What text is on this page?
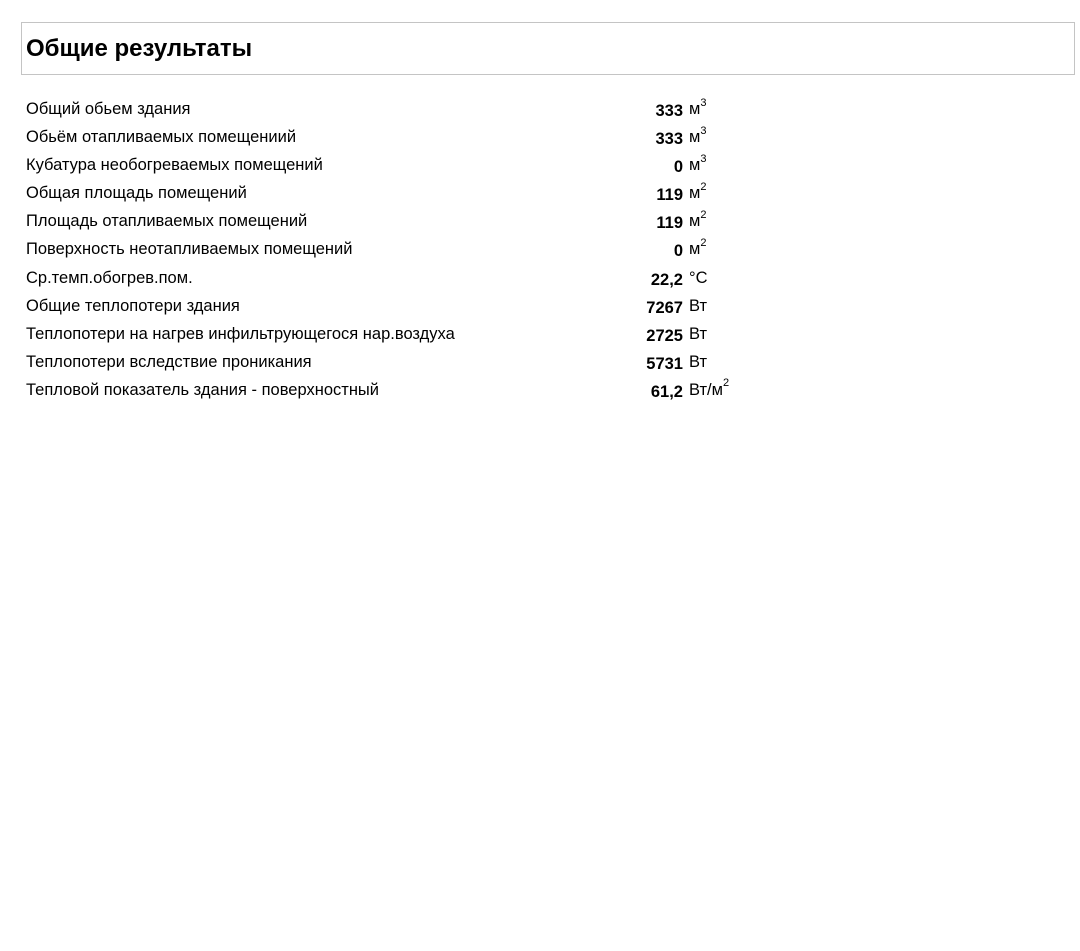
Общие результаты
Общий обьем здания	333 $м^3$
Обьём отапливаемых помещениий	333 $м^3$
Кубатура необогреваемых помещений	0 $м^3$
Общая площадь помещений	119 $м^2$
Площадь отапливаемых помещений	119 $м^2$
Поверхность неотапливаемых помещений	0 $м^2$
Ср.темп.обогрев.пом.	22,2 °C
Общие теплопотери здания	7267 Вт
Теплопотери на нагрев инфильтрующегося нар.воздуха	2725 Вт
Теплопотери вследствие проникания	5731 Вт
Тепловой показатель здания - поверхностный	61,2 $Вт/м^2$
